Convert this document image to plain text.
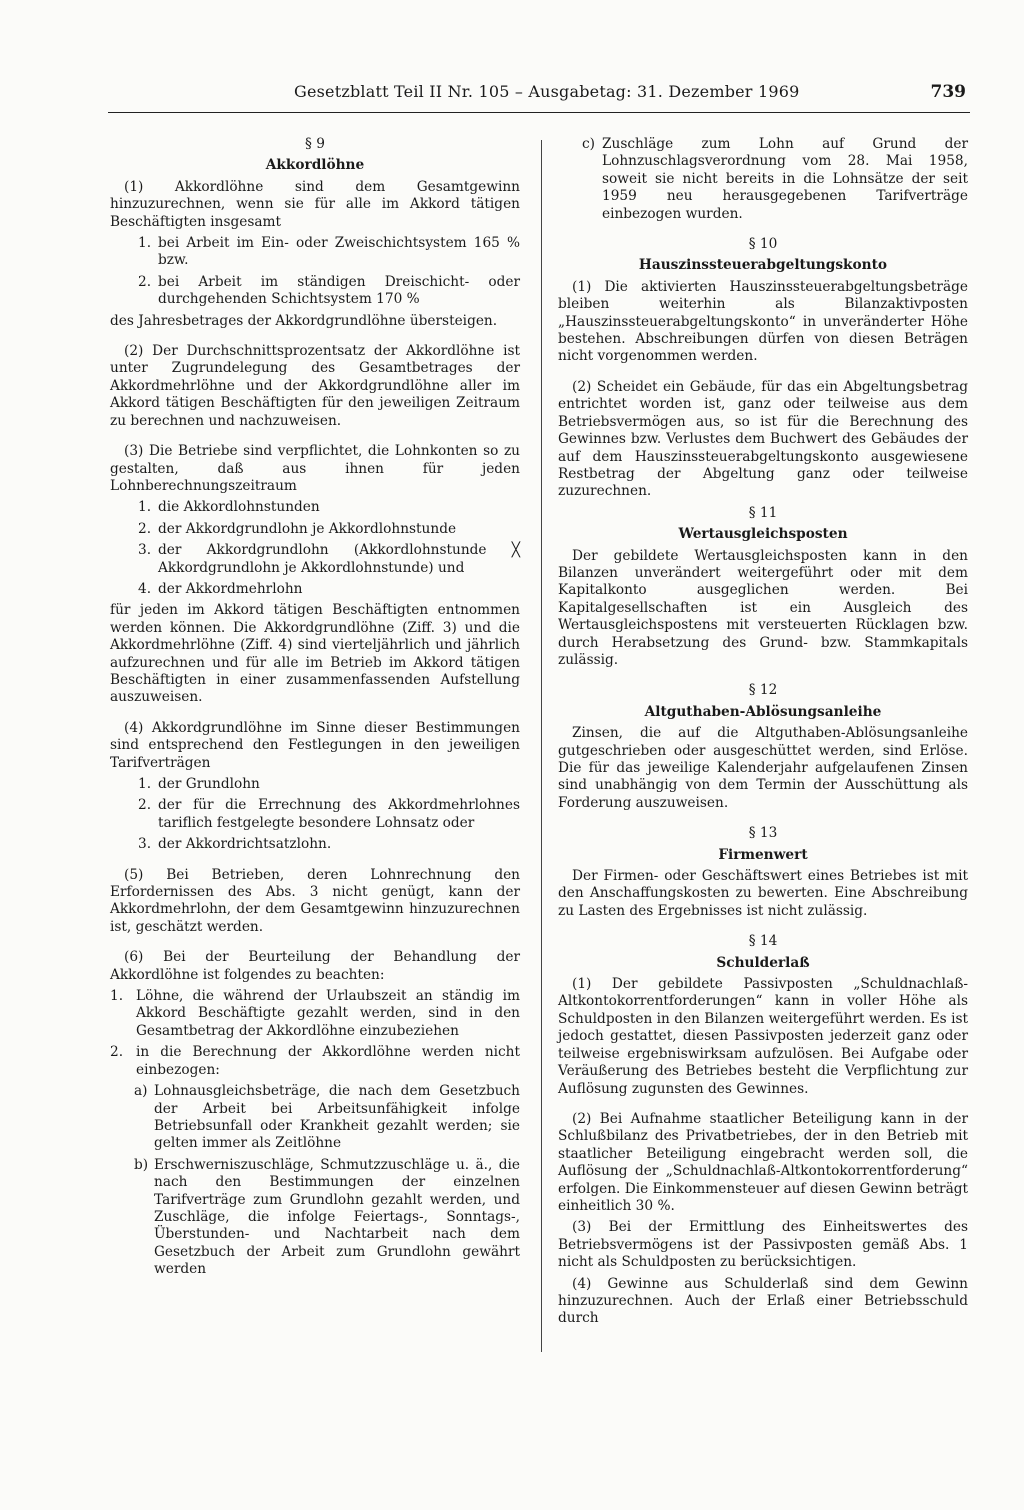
Gesetzblatt Teil II Nr. 105 – Ausgabetag: 31. Dezember 1969	739
§ 9
Akkordlöhne
(1) Akkordlöhne sind dem Gesamtgewinn hinzuzurechnen, wenn sie für alle im Akkord tätigen Beschäftigten insgesamt
1. bei Arbeit im Ein- oder Zweischichtsystem 165 % bzw.
2. bei Arbeit im ständigen Dreischicht- oder durchgehenden Schichtsystem 170 %
des Jahresbetrages der Akkordgrundlöhne übersteigen.
(2) Der Durchschnittsprozentsatz der Akkordlöhne ist unter Zugrundelegung des Gesamtbetrages der Akkordmehrlöhne und der Akkordgrundlöhne aller im Akkord tätigen Beschäftigten für den jeweiligen Zeitraum zu berechnen und nachzuweisen.
(3) Die Betriebe sind verpflichtet, die Lohnkonten so zu gestalten, daß aus ihnen für jeden Lohnberechnungszeitraum
1. die Akkordlohnstunden
2. der Akkordgrundlohn je Akkordlohnstunde
3. der Akkordgrundlohn (Akkordlohnstunde ╳ Akkordgrundlohn je Akkordlohnstunde) und
4. der Akkordmehrlohn
für jeden im Akkord tätigen Beschäftigten entnommen werden können. Die Akkordgrundlöhne (Ziff. 3) und die Akkordmehrlöhne (Ziff. 4) sind vierteljährlich und jährlich aufzurechnen und für alle im Betrieb im Akkord tätigen Beschäftigten in einer zusammenfassenden Aufstellung auszuweisen.
(4) Akkordgrundlöhne im Sinne dieser Bestimmungen sind entsprechend den Festlegungen in den jeweiligen Tarifverträgen
1. der Grundlohn
2. der für die Errechnung des Akkordmehrlohnes tariflich festgelegte besondere Lohnsatz oder
3. der Akkordrichtsatzlohn.
(5) Bei Betrieben, deren Lohnrechnung den Erfordernissen des Abs. 3 nicht genügt, kann der Akkordmehrlohn, der dem Gesamtgewinn hinzuzurechnen ist, geschätzt werden.
(6) Bei der Beurteilung der Behandlung der Akkordlöhne ist folgendes zu beachten:
1. Löhne, die während der Urlaubszeit an ständig im Akkord Beschäftigte gezahlt werden, sind in den Gesamtbetrag der Akkordlöhne einzubeziehen
2. in die Berechnung der Akkordlöhne werden nicht einbezogen:
a) Lohnausgleichsbeträge, die nach dem Gesetzbuch der Arbeit bei Arbeitsunfähigkeit infolge Betriebsunfall oder Krankheit gezahlt werden; sie gelten immer als Zeitlöhne
b) Erschwerniszuschläge, Schmutzzuschläge u. ä., die nach den Bestimmungen der einzelnen Tarifverträge zum Grundlohn gezahlt werden, und Zuschläge, die infolge Feiertags-, Sonntags-, Überstunden- und Nachtarbeit nach dem Gesetzbuch der Arbeit zum Grundlohn gewährt werden
c) Zuschläge zum Lohn auf Grund der Lohnzuschlagsverordnung vom 28. Mai 1958, soweit sie nicht bereits in die Lohnsätze der seit 1959 neu herausgegebenen Tarifverträge einbezogen wurden.
§ 10
Hauszinssteuerabgeltungskonto
(1) Die aktivierten Hauszinssteuerabgeltungsbeträge bleiben weiterhin als Bilanzaktivposten „Hauszinssteuerabgeltungskonto“ in unveränderter Höhe bestehen. Abschreibungen dürfen von diesen Beträgen nicht vorgenommen werden.
(2) Scheidet ein Gebäude, für das ein Abgeltungsbetrag entrichtet worden ist, ganz oder teilweise aus dem Betriebsvermögen aus, so ist für die Berechnung des Gewinnes bzw. Verlustes dem Buchwert des Gebäudes der auf dem Hauszinssteuerabgeltungskonto ausgewiesene Restbetrag der Abgeltung ganz oder teilweise zuzurechnen.
§ 11
Wertausgleichsposten
Der gebildete Wertausgleichsposten kann in den Bilanzen unverändert weitergeführt oder mit dem Kapitalkonto ausgeglichen werden. Bei Kapitalgesellschaften ist ein Ausgleich des Wertausgleichspostens mit versteuerten Rücklagen bzw. durch Herabsetzung des Grund- bzw. Stammkapitals zulässig.
§ 12
Altguthaben-Ablösungsanleihe
Zinsen, die auf die Altguthaben-Ablösungsanleihe gutgeschrieben oder ausgeschüttet werden, sind Erlöse. Die für das jeweilige Kalenderjahr aufgelaufenen Zinsen sind unabhängig von dem Termin der Ausschüttung als Forderung auszuweisen.
§ 13
Firmenwert
Der Firmen- oder Geschäftswert eines Betriebes ist mit den Anschaffungskosten zu bewerten. Eine Abschreibung zu Lasten des Ergebnisses ist nicht zulässig.
§ 14
Schulderlaß
(1) Der gebildete Passivposten „Schuldnachlaß-Altkontokorrentforderungen“ kann in voller Höhe als Schuldposten in den Bilanzen weitergeführt werden. Es ist jedoch gestattet, diesen Passivposten jederzeit ganz oder teilweise ergebniswirksam aufzulösen. Bei Aufgabe oder Veräußerung des Betriebes besteht die Verpflichtung zur Auflösung zugunsten des Gewinnes.
(2) Bei Aufnahme staatlicher Beteiligung kann in der Schlußbilanz des Privatbetriebes, der in den Betrieb mit staatlicher Beteiligung eingebracht werden soll, die Auflösung der „Schuldnachlaß-Altkontokorrentforderung“ erfolgen. Die Einkommensteuer auf diesen Gewinn beträgt einheitlich 30 %.
(3) Bei der Ermittlung des Einheitswertes des Betriebsvermögens ist der Passivposten gemäß Abs. 1 nicht als Schuldposten zu berücksichtigen.
(4) Gewinne aus Schulderlaß sind dem Gewinn hinzuzurechnen. Auch der Erlaß einer Betriebsschuld durch
